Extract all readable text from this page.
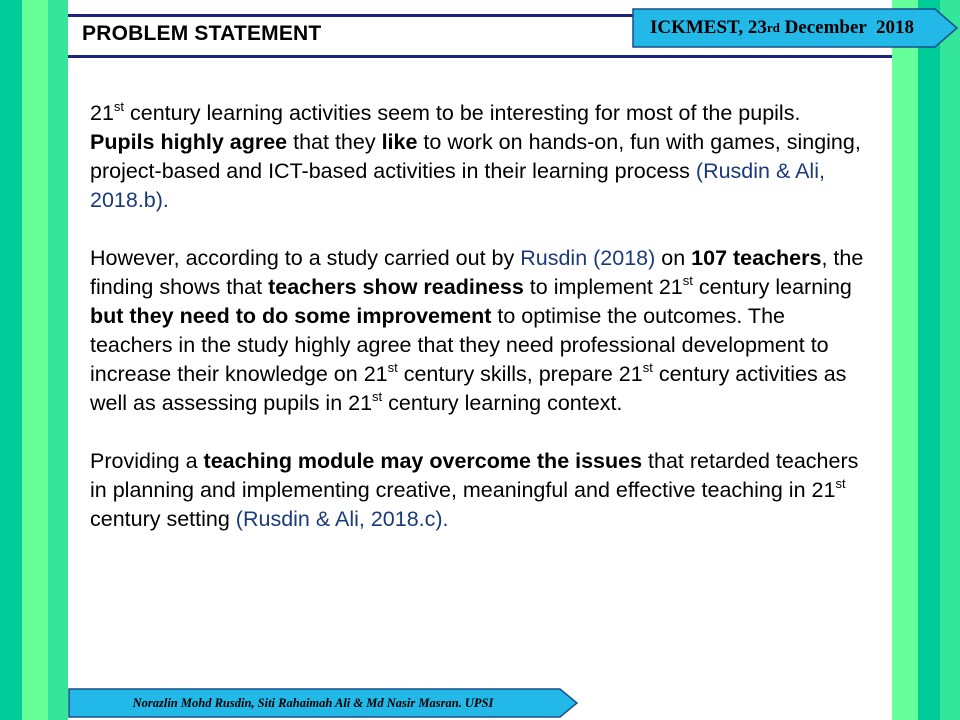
PROBLEM STATEMENT	ICKMEST, 23 rd December  2018

21st century learning activities seem to be interesting for most of the pupils. Pupils highly agree that they like to work on hands-on, fun with games, singing, project-based and ICT-based activities in their learning process (Rusdin & Ali, 2018.b).

However, according to a study carried out by Rusdin (2018) on 107 teachers, the finding shows that teachers show readiness to implement 21st century learning but they need to do some improvement to optimise the outcomes. The teachers in the study highly agree that they need professional development to increase their knowledge on 21st century skills, prepare 21st century activities as well as assessing pupils in 21st century learning context.

Providing a teaching module may overcome the issues that retarded teachers in planning and implementing creative, meaningful and effective teaching in 21st century setting (Rusdin & Ali, 2018.c).

Norazlin Mohd Rusdin, Siti Rahaimah Ali & Md Nasir Masran. UPSI
